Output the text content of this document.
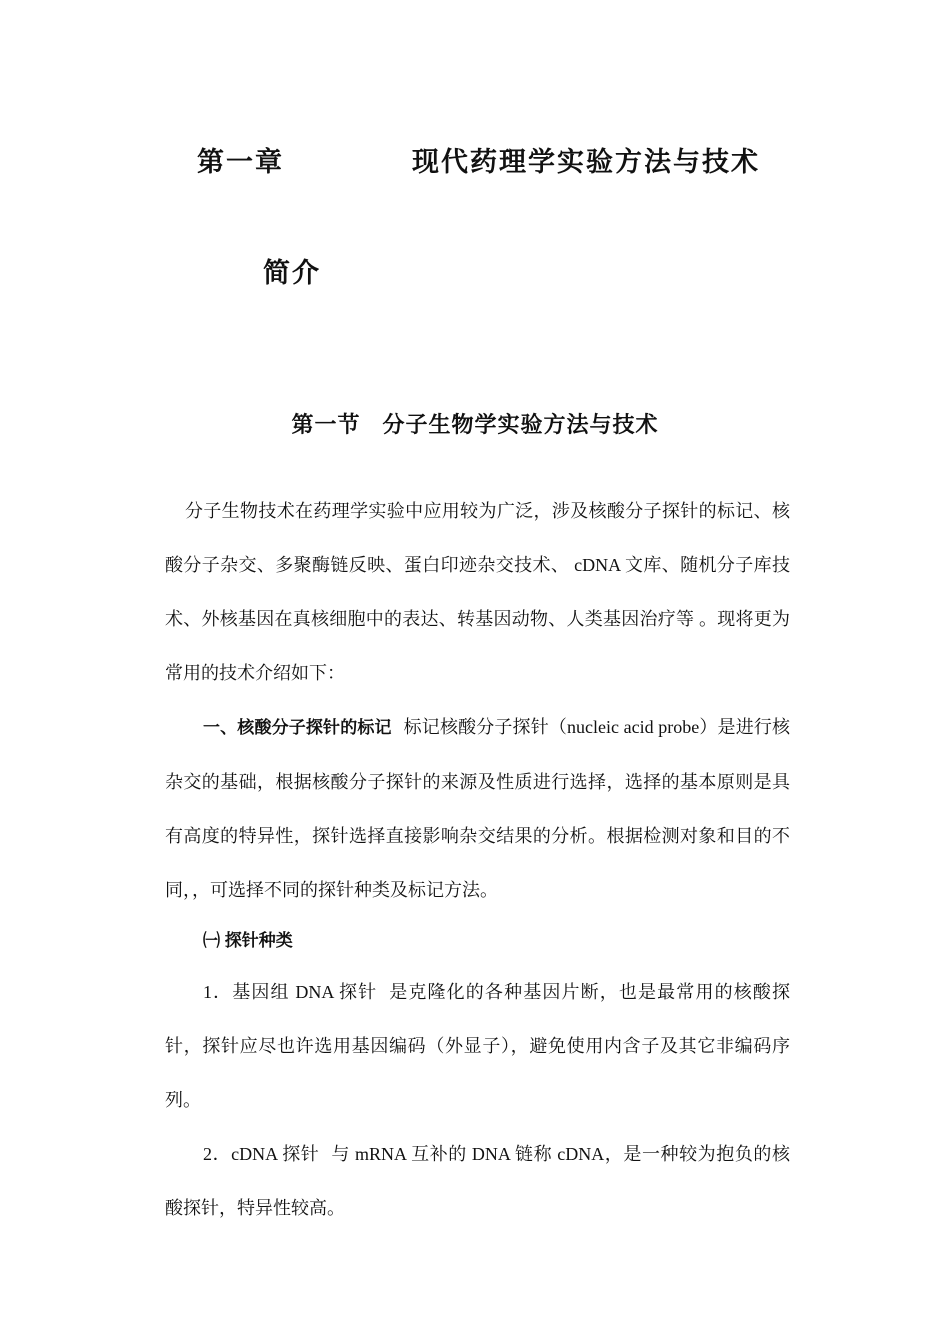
第一章	现代药理学实验方法与技术
简介
第一节 分子生物学实验方法与技术
分子生物技术在药理学实验中应用较为广泛，涉及核酸分子探针的标记、核酸分子杂交、多聚酶链反映、蛋白印迹杂交技术、 cDNA 文库、随机分子库技术、外核基因在真核细胞中的表达、转基因动物、人类基因治疗等 。现将更为常用的技术介绍如下：
一、核酸分子探针的标记 标记核酸分子探针（nucleic acid probe）是进行核杂交的基础，根据核酸分子探针的来源及性质进行选择，选择的基本原则是具有高度的特异性，探针选择直接影响杂交结果的分析。根据检测对象和目的不同，，可选择不同的探针种类及标记方法。
㈠ 探针种类
1．基因组 DNA 探针 是克隆化的各种基因片断，也是最常用的核酸探针，探针应尽也许选用基因编码（外显子），避免使用内含子及其它非编码序列。
2．cDNA 探针 与 mRNA 互补的 DNA 链称 cDNA，是一种较为抱负的核酸探针，特异性较高。
